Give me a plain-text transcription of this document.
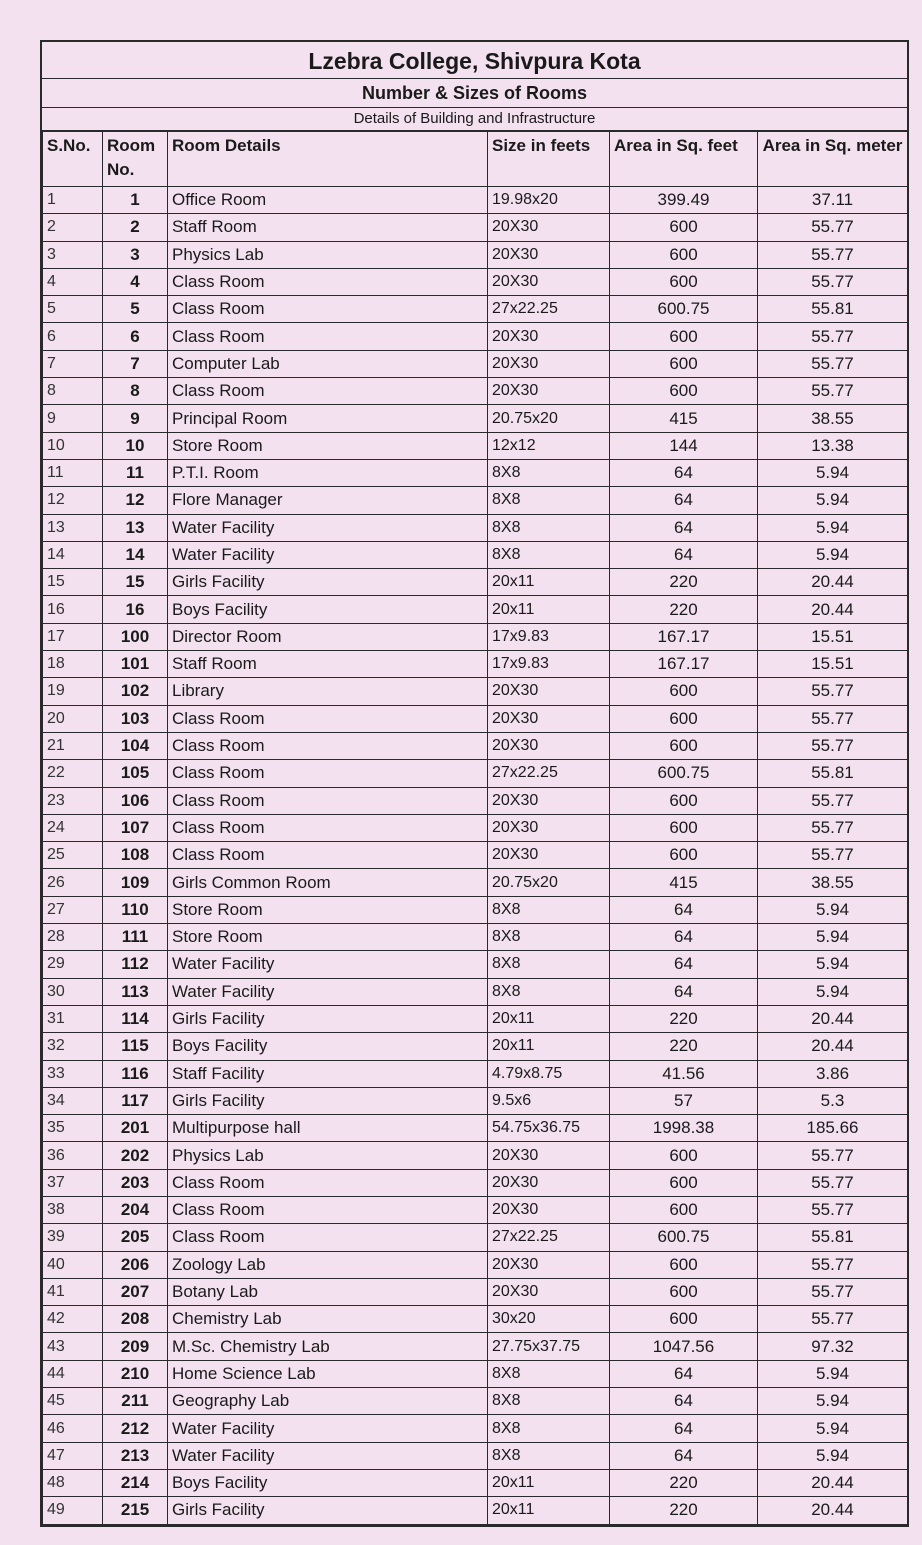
Lzebra College, Shivpura Kota
Number & Sizes of Rooms
Details of Building and Infrastructure
S.No.	Room No.	Room Details	Size in feets	Area in Sq. feet	Area in Sq. meter
1	1	Office Room	19.98x20	399.49	37.11
2	2	Staff Room	20X30	600	55.77
3	3	Physics Lab	20X30	600	55.77
4	4	Class Room	20X30	600	55.77
5	5	Class Room	27x22.25	600.75	55.81
6	6	Class Room	20X30	600	55.77
7	7	Computer Lab	20X30	600	55.77
8	8	Class Room	20X30	600	55.77
9	9	Principal Room	20.75x20	415	38.55
10	10	Store Room	12x12	144	13.38
11	11	P.T.I. Room	8X8	64	5.94
12	12	Flore Manager	8X8	64	5.94
13	13	Water Facility	8X8	64	5.94
14	14	Water Facility	8X8	64	5.94
15	15	Girls Facility	20x11	220	20.44
16	16	Boys Facility	20x11	220	20.44
17	100	Director Room	17x9.83	167.17	15.51
18	101	Staff Room	17x9.83	167.17	15.51
19	102	Library	20X30	600	55.77
20	103	Class Room	20X30	600	55.77
21	104	Class Room	20X30	600	55.77
22	105	Class Room	27x22.25	600.75	55.81
23	106	Class Room	20X30	600	55.77
24	107	Class Room	20X30	600	55.77
25	108	Class Room	20X30	600	55.77
26	109	Girls Common Room	20.75x20	415	38.55
27	110	Store Room	8X8	64	5.94
28	111	Store Room	8X8	64	5.94
29	112	Water Facility	8X8	64	5.94
30	113	Water Facility	8X8	64	5.94
31	114	Girls Facility	20x11	220	20.44
32	115	Boys Facility	20x11	220	20.44
33	116	Staff Facility	4.79x8.75	41.56	3.86
34	117	Girls Facility	9.5x6	57	5.3
35	201	Multipurpose hall	54.75x36.75	1998.38	185.66
36	202	Physics Lab	20X30	600	55.77
37	203	Class Room	20X30	600	55.77
38	204	Class Room	20X30	600	55.77
39	205	Class Room	27x22.25	600.75	55.81
40	206	Zoology Lab	20X30	600	55.77
41	207	Botany Lab	20X30	600	55.77
42	208	Chemistry Lab	30x20	600	55.77
43	209	M.Sc. Chemistry Lab	27.75x37.75	1047.56	97.32
44	210	Home Science Lab	8X8	64	5.94
45	211	Geography Lab	8X8	64	5.94
46	212	Water Facility	8X8	64	5.94
47	213	Water Facility	8X8	64	5.94
48	214	Boys Facility	20x11	220	20.44
49	215	Girls Facility	20x11	220	20.44
